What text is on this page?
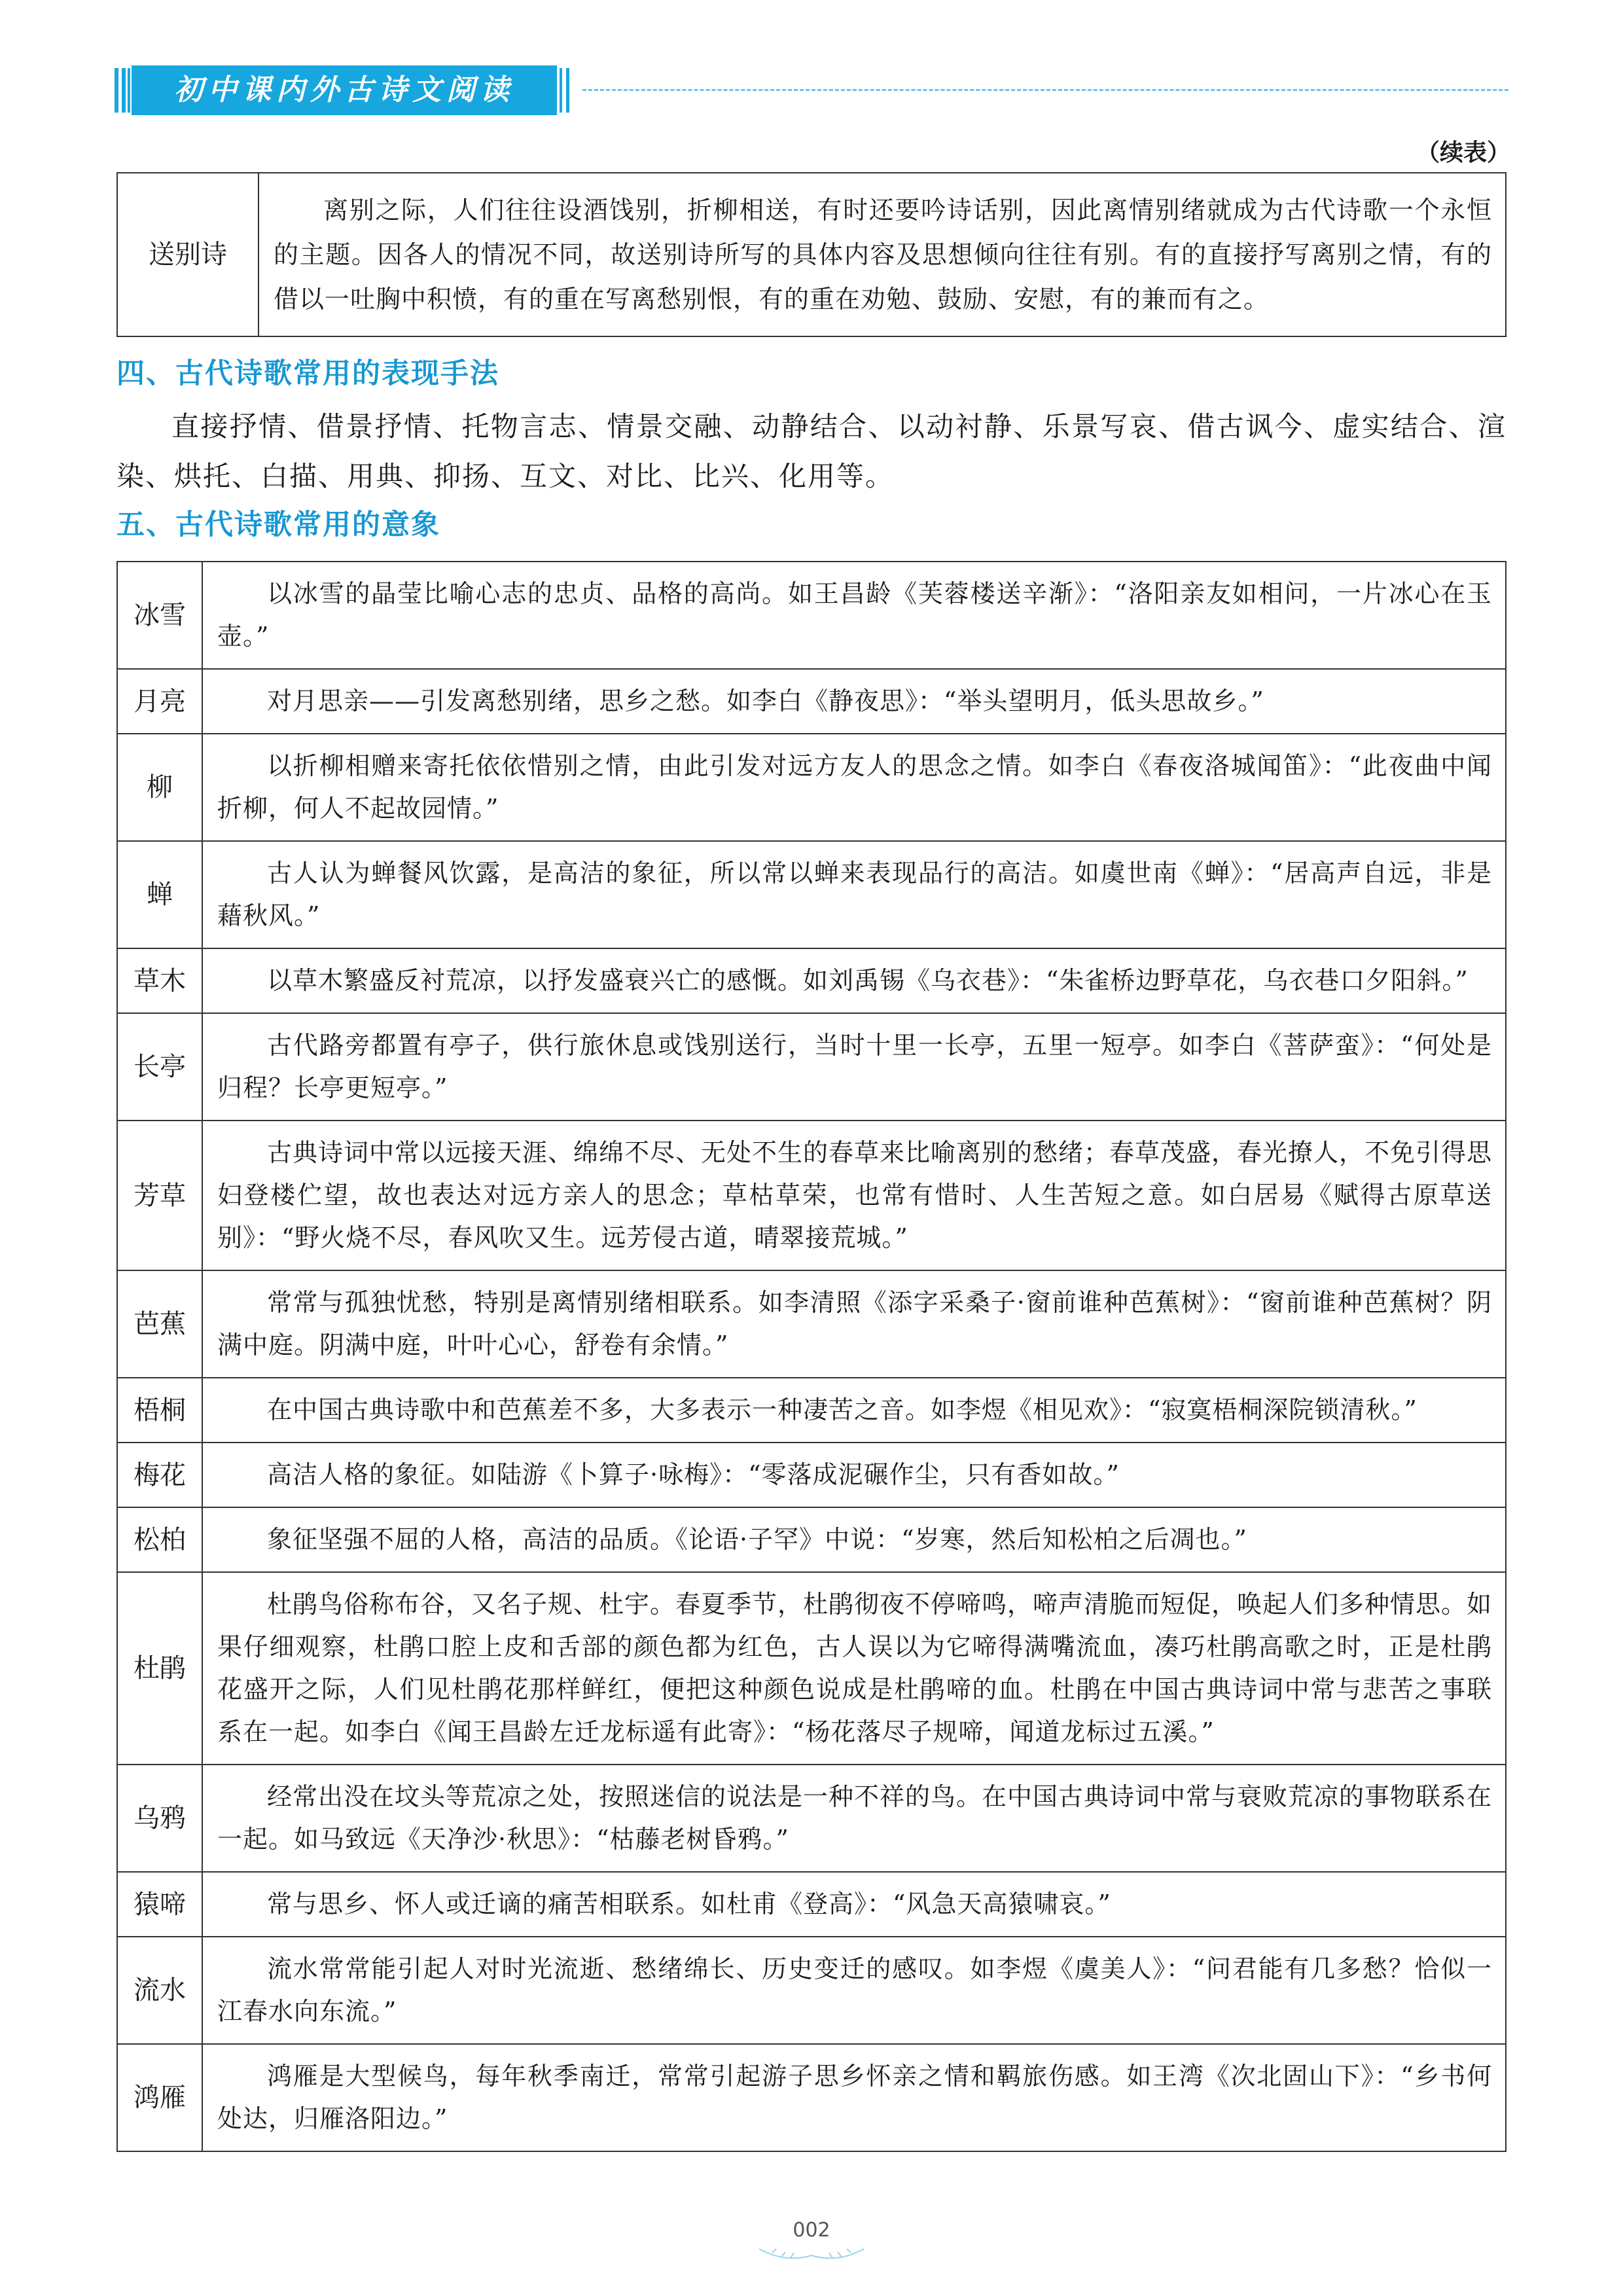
初中课内外古诗文阅读
（续表）
送别诗	离别之际，人们往往设酒饯别，折柳相送，有时还要吟诗话别，因此离情别绪就成为古代诗歌一个永恒的主题。因各人的情况不同，故送别诗所写的具体内容及思想倾向往往有别。有的直接抒写离别之情，有的借以一吐胸中积愤，有的重在写离愁别恨，有的重在劝勉、鼓励、安慰，有的兼而有之。
四、古代诗歌常用的表现手法
直接抒情、借景抒情、托物言志、情景交融、动静结合、以动衬静、乐景写哀、借古讽今、虚实结合、渲染、烘托、白描、用典、抑扬、互文、对比、比兴、化用等。
五、古代诗歌常用的意象
冰雪	以冰雪的晶莹比喻心志的忠贞、品格的高尚。如王昌龄《芙蓉楼送辛渐》：“洛阳亲友如相问，一片冰心在玉壶。”
月亮	对月思亲——引发离愁别绪，思乡之愁。如李白《静夜思》：“举头望明月，低头思故乡。”
柳	以折柳相赠来寄托依依惜别之情，由此引发对远方友人的思念之情。如李白《春夜洛城闻笛》：“此夜曲中闻折柳，何人不起故园情。”
蝉	古人认为蝉餐风饮露，是高洁的象征，所以常以蝉来表现品行的高洁。如虞世南《蝉》：“居高声自远，非是藉秋风。”
草木	以草木繁盛反衬荒凉，以抒发盛衰兴亡的感慨。如刘禹锡《乌衣巷》：“朱雀桥边野草花，乌衣巷口夕阳斜。”
长亭	古代路旁都置有亭子，供行旅休息或饯别送行，当时十里一长亭，五里一短亭。如李白《菩萨蛮》：“何处是归程？长亭更短亭。”
芳草	古典诗词中常以远接天涯、绵绵不尽、无处不生的春草来比喻离别的愁绪；春草茂盛，春光撩人，不免引得思妇登楼伫望，故也表达对远方亲人的思念；草枯草荣，也常有惜时、人生苦短之意。如白居易《赋得古原草送别》：“野火烧不尽，春风吹又生。远芳侵古道，晴翠接荒城。”
芭蕉	常常与孤独忧愁，特别是离情别绪相联系。如李清照《添字采桑子·窗前谁种芭蕉树》：“窗前谁种芭蕉树？阴满中庭。阴满中庭，叶叶心心，舒卷有余情。”
梧桐	在中国古典诗歌中和芭蕉差不多，大多表示一种凄苦之音。如李煜《相见欢》：“寂寞梧桐深院锁清秋。”
梅花	高洁人格的象征。如陆游《卜算子·咏梅》：“零落成泥碾作尘，只有香如故。”
松柏	象征坚强不屈的人格，高洁的品质。《论语·子罕》中说：“岁寒，然后知松柏之后凋也。”
杜鹃	杜鹃鸟俗称布谷，又名子规、杜宇。春夏季节，杜鹃彻夜不停啼鸣，啼声清脆而短促，唤起人们多种情思。如果仔细观察，杜鹃口腔上皮和舌部的颜色都为红色，古人误以为它啼得满嘴流血，凑巧杜鹃高歌之时，正是杜鹃花盛开之际，人们见杜鹃花那样鲜红，便把这种颜色说成是杜鹃啼的血。杜鹃在中国古典诗词中常与悲苦之事联系在一起。如李白《闻王昌龄左迁龙标遥有此寄》：“杨花落尽子规啼，闻道龙标过五溪。”
乌鸦	经常出没在坟头等荒凉之处，按照迷信的说法是一种不祥的鸟。在中国古典诗词中常与衰败荒凉的事物联系在一起。如马致远《天净沙·秋思》：“枯藤老树昏鸦。”
猿啼	常与思乡、怀人或迁谪的痛苦相联系。如杜甫《登高》：“风急天高猿啸哀。”
流水	流水常常能引起人对时光流逝、愁绪绵长、历史变迁的感叹。如李煜《虞美人》：“问君能有几多愁？恰似一江春水向东流。”
鸿雁	鸿雁是大型候鸟，每年秋季南迁，常常引起游子思乡怀亲之情和羁旅伤感。如王湾《次北固山下》：“乡书何处达，归雁洛阳边。”
002
